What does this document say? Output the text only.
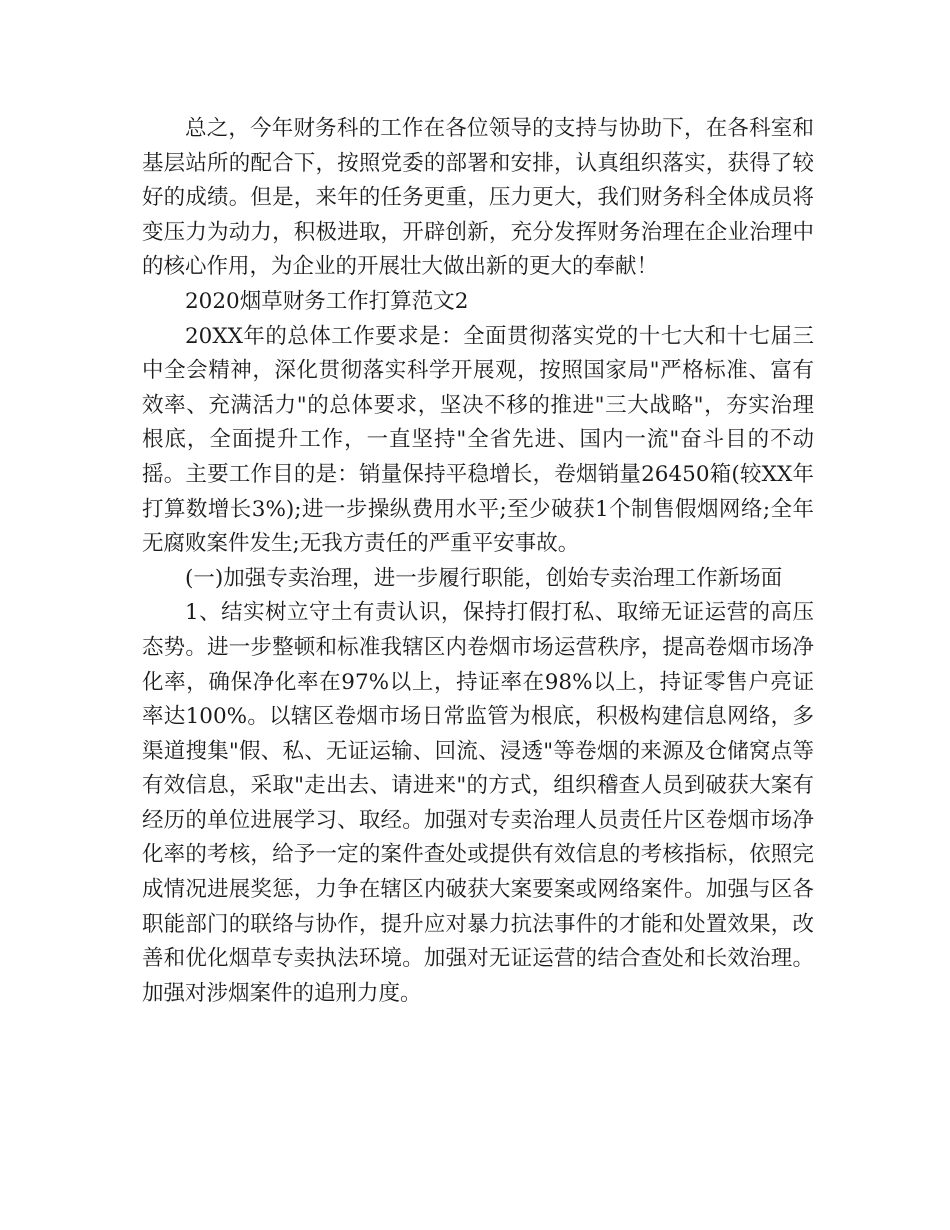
总之，今年财务科的工作在各位领导的支持与协助下，在各科室和基层站所的配合下，按照党委的部署和安排，认真组织落实，获得了较好的成绩。但是，来年的任务更重，压力更大，我们财务科全体成员将变压力为动力，积极进取，开辟创新，充分发挥财务治理在企业治理中的核心作用，为企业的开展壮大做出新的更大的奉献！

2020烟草财务工作打算范文2

20XX年的总体工作要求是：全面贯彻落实党的十七大和十七届三中全会精神，深化贯彻落实科学开展观，按照国家局"严格标准、富有效率、充满活力"的总体要求，坚决不移的推进"三大战略"，夯实治理根底，全面提升工作，一直坚持"全省先进、国内一流"奋斗目的不动摇。主要工作目的是：销量保持平稳增长，卷烟销量26450箱(较XX年打算数增长3%);进一步操纵费用水平;至少破获1个制售假烟网络;全年无腐败案件发生;无我方责任的严重平安事故。

(一)加强专卖治理，进一步履行职能，创始专卖治理工作新场面

1、结实树立守土有责认识，保持打假打私、取缔无证运营的高压态势。进一步整顿和标准我辖区内卷烟市场运营秩序，提高卷烟市场净化率，确保净化率在97%以上，持证率在98%以上，持证零售户亮证率达100%。以辖区卷烟市场日常监管为根底，积极构建信息网络，多渠道搜集"假、私、无证运输、回流、浸透"等卷烟的来源及仓储窝点等有效信息，采取"走出去、请进来"的方式，组织稽查人员到破获大案有经历的单位进展学习、取经。加强对专卖治理人员责任片区卷烟市场净化率的考核，给予一定的案件查处或提供有效信息的考核指标，依照完成情况进展奖惩，力争在辖区内破获大案要案或网络案件。加强与区各职能部门的联络与协作，提升应对暴力抗法事件的才能和处置效果，改善和优化烟草专卖执法环境。加强对无证运营的结合查处和长效治理。加强对涉烟案件的追刑力度。
